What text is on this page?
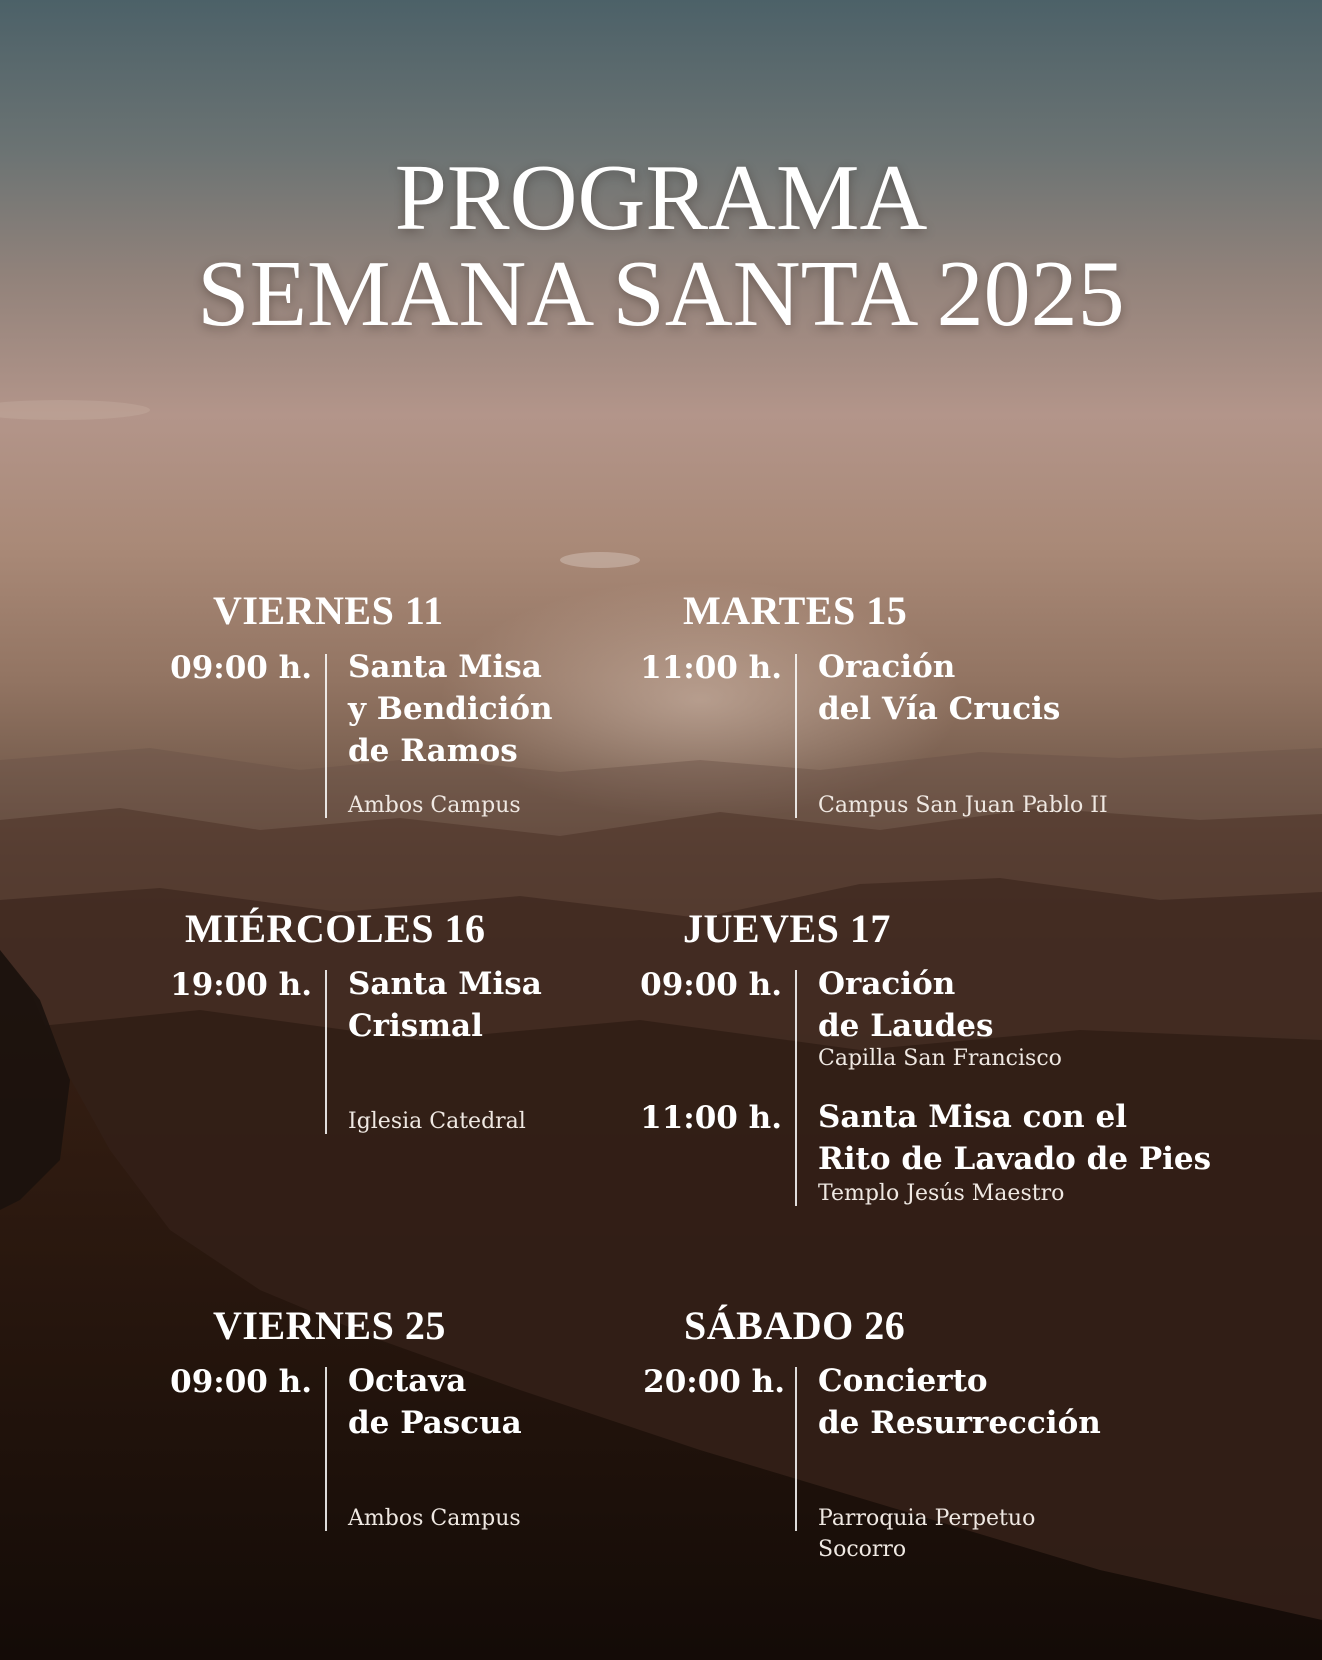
PROGRAMA
SEMANA SANTA 2025
VIERNES 11
09:00 h. Santa Misa
y Bendición
de Ramos
Ambos Campus
MARTES 15
11:00 h. Oración
del Vía Crucis
Campus San Juan Pablo II
MIÉRCOLES 16
19:00 h. Santa Misa
Crismal
Iglesia Catedral
JUEVES 17
09:00 h. Oración
de Laudes
Capilla San Francisco
11:00 h. Santa Misa con el
Rito de Lavado de Pies
Templo Jesús Maestro
VIERNES 25
09:00 h. Octava
de Pascua
Ambos Campus
SÁBADO 26
20:00 h. Concierto
de Resurrección
Parroquia Perpetuo
Socorro
